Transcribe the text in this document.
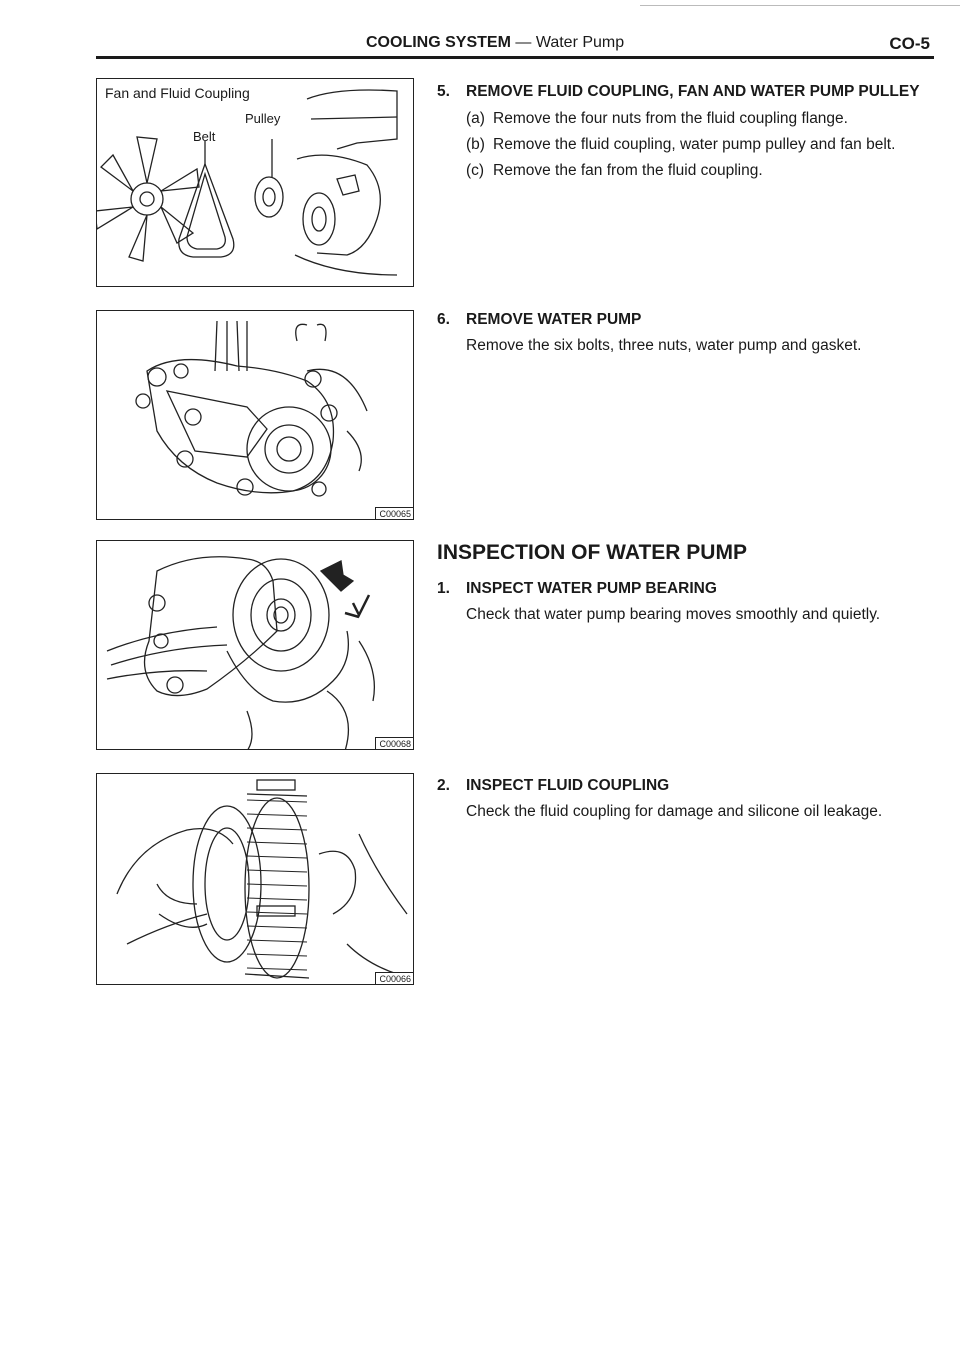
COOLING SYSTEM — Water Pump	CO-5
Fan and Fluid Coupling
Pulley
Belt
C00065
C00068
C00066
5. REMOVE FLUID COUPLING, FAN AND WATER PUMP PULLEY
(a) Remove the four nuts from the fluid coupling flange.
(b) Remove the fluid coupling, water pump pulley and fan belt.
(c) Remove the fan from the fluid coupling.
6. REMOVE WATER PUMP
Remove the six bolts, three nuts, water pump and gasket.
INSPECTION OF WATER PUMP
1. INSPECT WATER PUMP BEARING
Check that water pump bearing moves smoothly and quietly.
2. INSPECT FLUID COUPLING
Check the fluid coupling for damage and silicone oil leakage.
